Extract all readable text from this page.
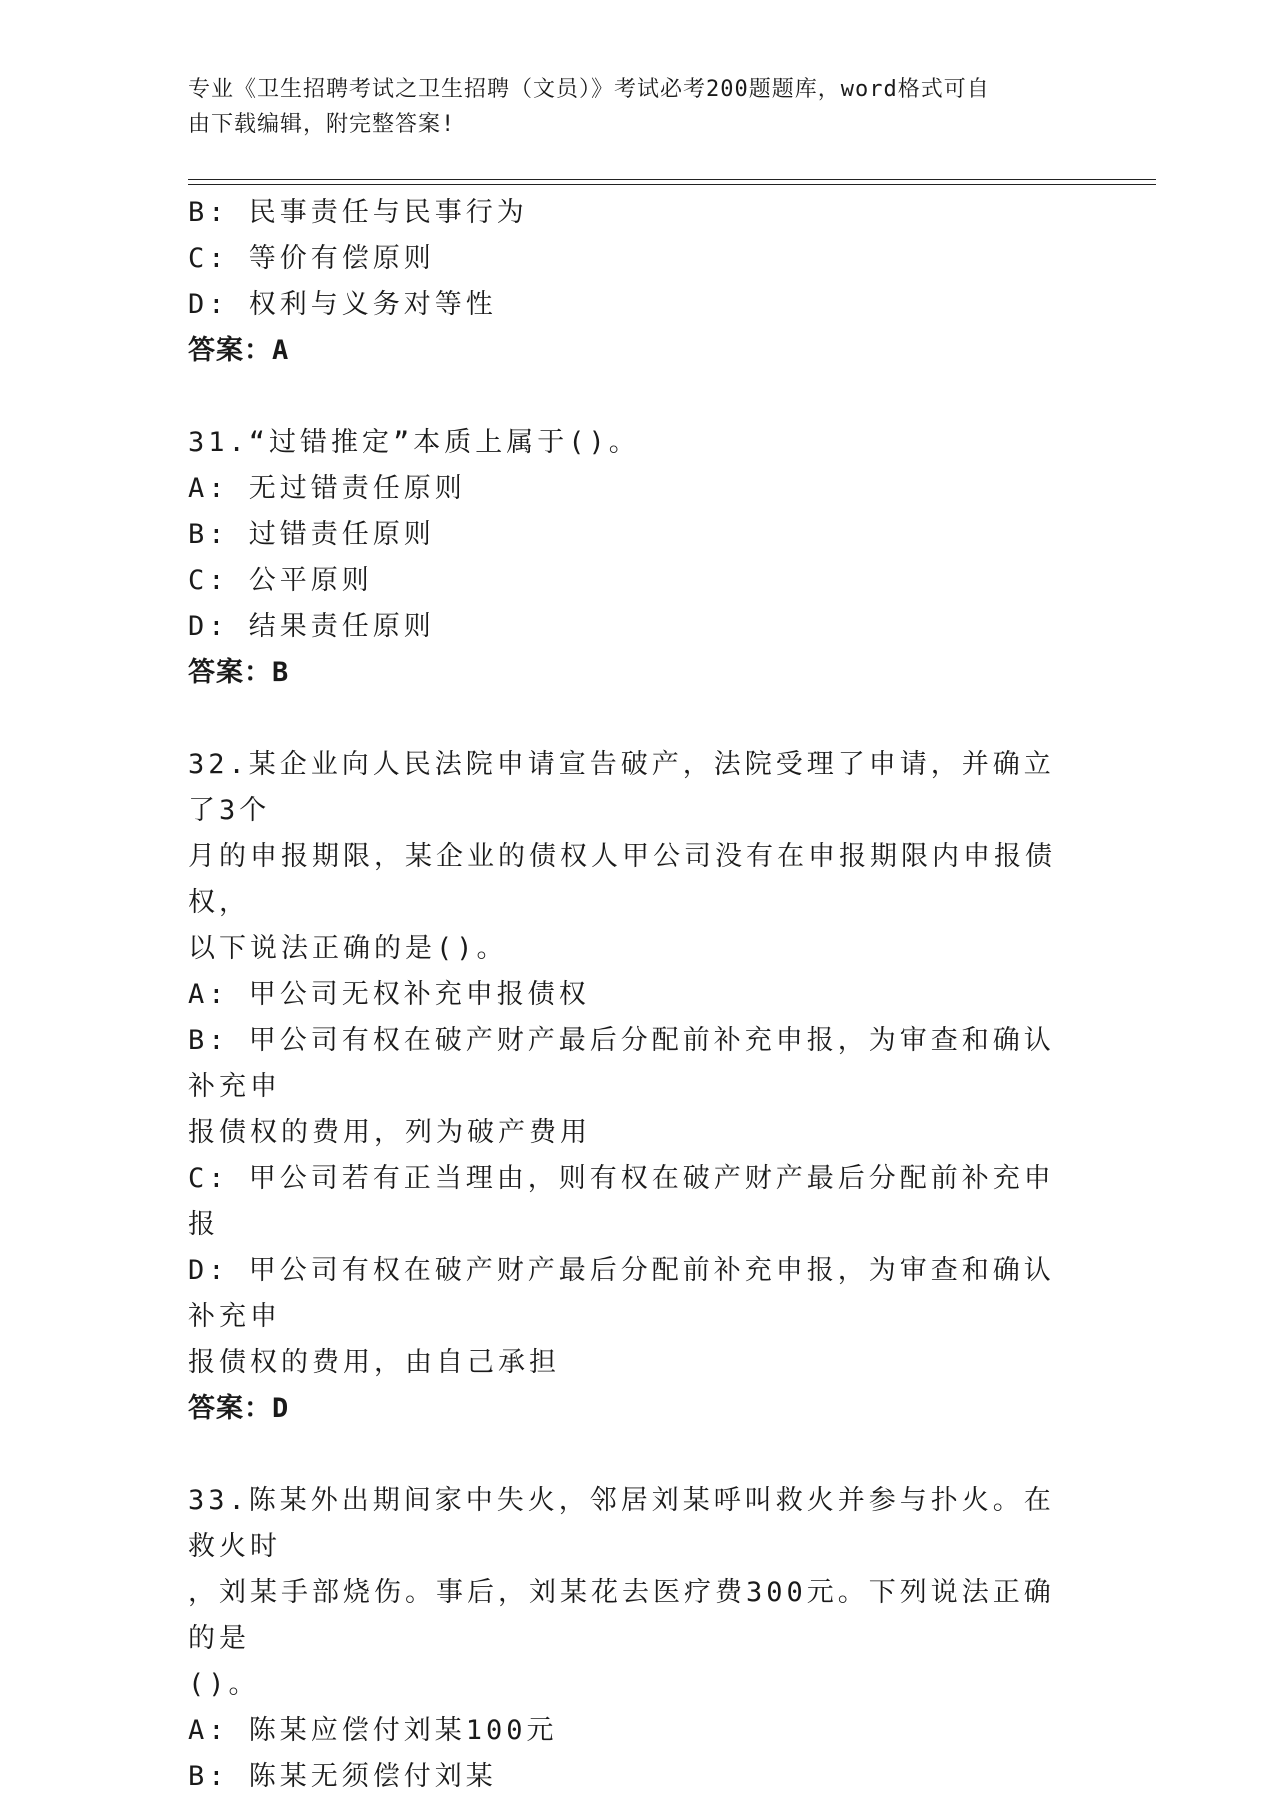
专业《卫生招聘考试之卫生招聘（文员）》考试必考200题题库，word格式可自
由下载编辑，附完整答案!
B: 民事责任与民事行为
C: 等价有偿原则
D: 权利与义务对等性
答案：A
31.“过错推定”本质上属于()。
A: 无过错责任原则
B: 过错责任原则
C: 公平原则
D: 结果责任原则
答案：B
32.某企业向人民法院申请宣告破产，法院受理了申请，并确立了3个
月的申报期限，某企业的债权人甲公司没有在申报期限内申报债权，
以下说法正确的是()。
A: 甲公司无权补充申报债权
B: 甲公司有权在破产财产最后分配前补充申报，为审查和确认补充申
报债权的费用，列为破产费用
C: 甲公司若有正当理由，则有权在破产财产最后分配前补充申报
D: 甲公司有权在破产财产最后分配前补充申报，为审查和确认补充申
报债权的费用，由自己承担
答案：D
33.陈某外出期间家中失火，邻居刘某呼叫救火并参与扑火。在救火时
，刘某手部烧伤。事后，刘某花去医疗费300元。下列说法正确的是
()。
A: 陈某应偿付刘某100元
B: 陈某无须偿付刘某
